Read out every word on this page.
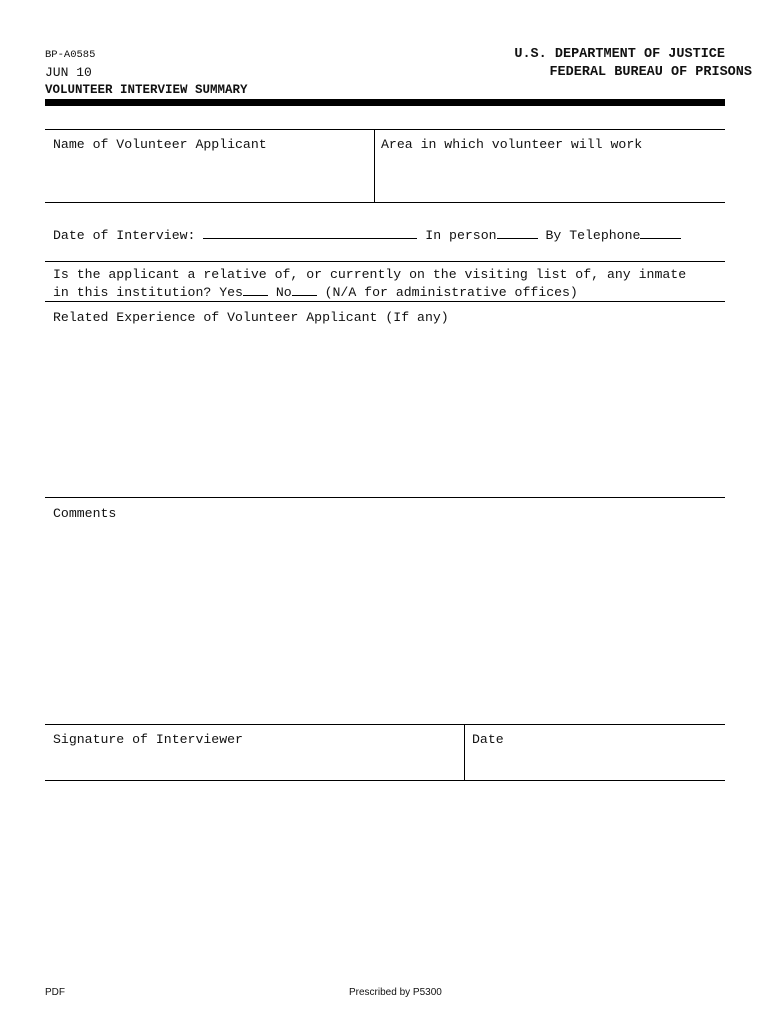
BP-A0585
JUN 10
VOLUNTEER INTERVIEW SUMMARY
U.S. DEPARTMENT OF JUSTICE
FEDERAL BUREAU OF PRISONS
Name of Volunteer Applicant	Area in which volunteer will work
Date of Interview:	In person	By Telephone
Is the applicant a relative of, or currently on the visiting list of, any inmate
in this institution? Yes No (N/A for administrative offices)
Related Experience of Volunteer Applicant (If any)
Comments
Signature of Interviewer	Date
PDF	Prescribed by P5300
